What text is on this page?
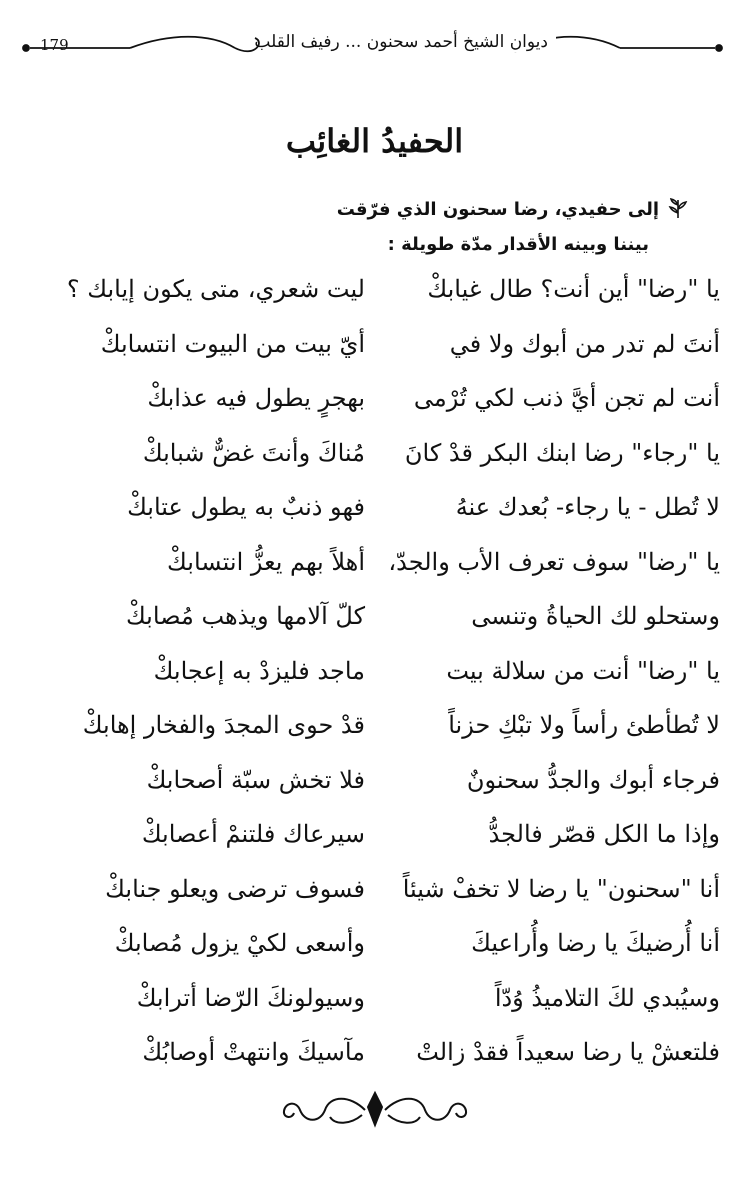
179	ديوان الشيخ أحمد سحنون ... رفيف القلب
الحفيدُ الغائِب
إلى حفيدي، رضا سحنون الذي فرّقت
بيننا وبينه الأقدار مدّة طويلة :
يا "رضا" أين أنت؟ طال غيابكْ
ليت شعري، متى يكون إيابك ؟
أنتَ لم تدر من أبوك ولا في
أيّ بيت من البيوت انتسابكْ
أنت لم تجن أيَّ ذنب لكي تُرْمى
بهجرٍ يطول فيه عذابكْ
يا "رجاء" رضا ابنك البكر قدْ كانَ
مُناكَ وأنتَ غضٌّ شبابكْ
لا تُطل - يا رجاء- بُعدك عنهُ
فهو ذنبٌ به يطول عتابكْ
يا "رضا" سوف تعرف الأب والجدّ،
أهلاً بهم يعزُّ انتسابكْ
وستحلو لك الحياةُ وتنسى
كلّ آلامها ويذهب مُصابكْ
يا "رضا" أنت من سلالة بيت
ماجد فليزدْ به إعجابكْ
لا تُطأطئ رأساً ولا تبْكِ حزناً
قدْ حوى المجدَ والفخار إهابكْ
فرجاء أبوك والجدُّ سحنونٌ
فلا تخش سبّة أصحابكْ
وإذا ما الكل قصّر فالجدُّ
سيرعاك فلتنمْ أعصابكْ
أنا "سحنون" يا رضا لا تخفْ شيئاً
فسوف ترضى ويعلو جنابكْ
أنا أُرضيكَ يا رضا وأُراعيكَ
وأسعى لكيْ يزول مُصابكْ
وسيُبدي لكَ التلاميذُ وُدّاً
وسيولونكَ الرّضا أترابكْ
فلتعشْ يا رضا سعيداً فقدْ زالتْ
مآسيكَ وانتهتْ أوصابُكْ
